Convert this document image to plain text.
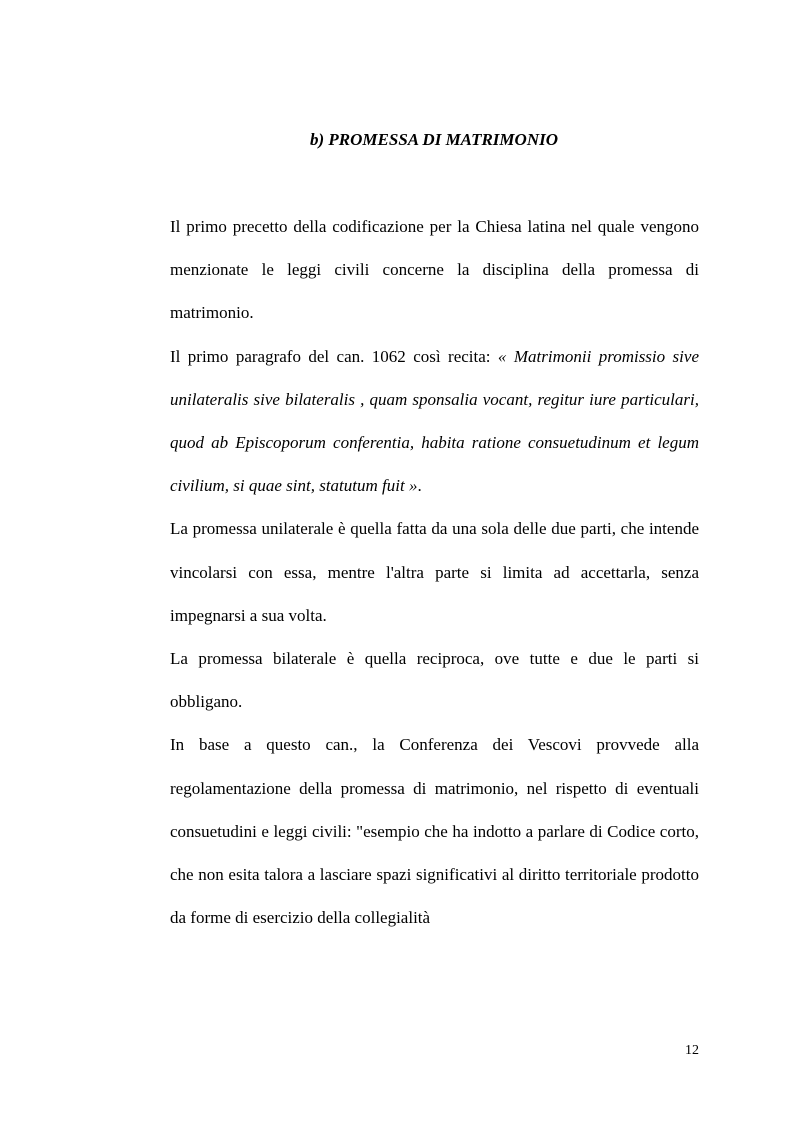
b) PROMESSA DI MATRIMONIO

Il primo precetto della codificazione per la Chiesa latina nel quale vengono menzionate le leggi civili concerne la disciplina della promessa di matrimonio.

Il primo paragrafo del can. 1062 così recita: « Matrimonii promissio sive unilateralis sive bilateralis , quam sponsalia vocant, regitur iure particulari, quod ab Episcoporum conferentia, habita ratione consuetudinum et legum civilium, si quae sint, statutum fuit ».

La promessa unilaterale è quella fatta da una sola delle due parti, che intende vincolarsi con essa, mentre l'altra parte si limita ad accettarla, senza impegnarsi a sua volta.

La promessa bilaterale è quella reciproca, ove tutte e due le parti si obbligano.

In base a questo can., la Conferenza dei Vescovi provvede alla regolamentazione della promessa di matrimonio, nel rispetto di eventuali consuetudini e leggi civili: "esempio che ha indotto a parlare di Codice corto, che non esita talora a lasciare spazi significativi al diritto territoriale prodotto da forme di esercizio della collegialità

12
